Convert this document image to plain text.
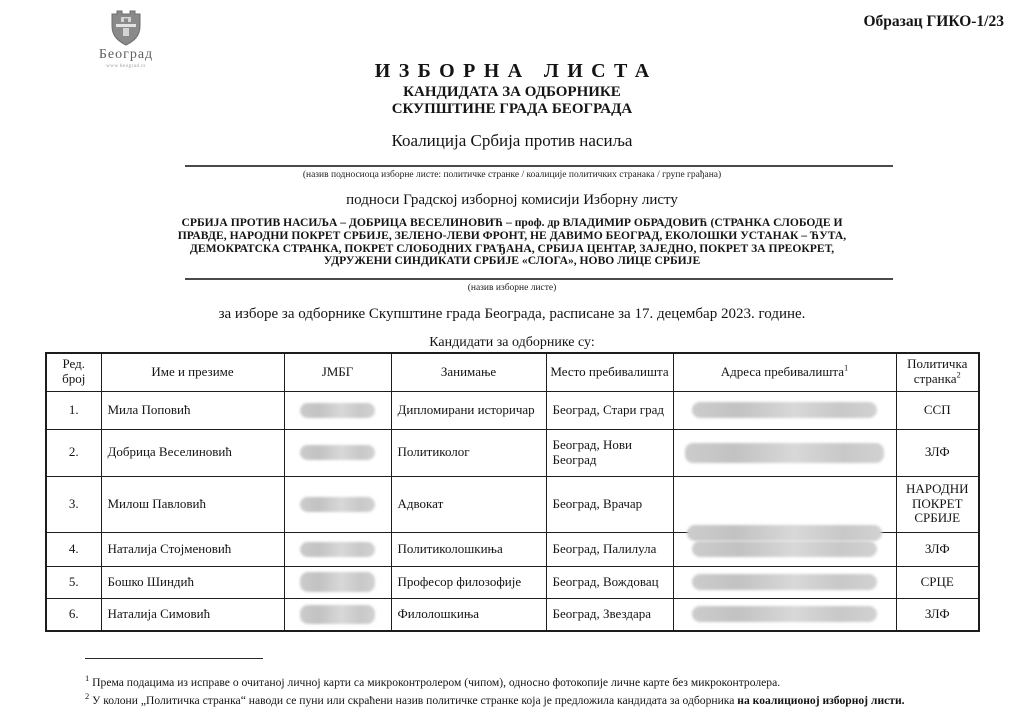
Београд
www.beograd.rs
Образац ГИКО-1/23
ИЗБОРНА ЛИСТА
КАНДИДАТА ЗА ОДБОРНИКЕ
СКУПШТИНЕ ГРАДА БЕОГРАДА
Коалиција Србија против насиља
(назив подносиоца изборне листе: политичке странке / коалиције политичких странака / групе грађана)
подноси Градској изборној комисији Изборну листу
СРБИЈА ПРОТИВ НАСИЉА – ДОБРИЦА ВЕСЕЛИНОВИЋ – проф. др ВЛАДИМИР ОБРАДОВИЋ (СТРАНКА СЛОБОДЕ И ПРАВДЕ, НАРОДНИ ПОКРЕТ СРБИЈЕ, ЗЕЛЕНО-ЛЕВИ ФРОНТ, НЕ ДАВИМО БЕОГРАД, ЕКОЛОШКИ УСТАНАК – ЋУТА, ДЕМОКРАТСКА СТРАНКА, ПОКРЕТ СЛОБОДНИХ ГРАЂАНА, СРБИЈА ЦЕНТАР, ЗАЈЕДНО, ПОКРЕТ ЗА ПРЕОКРЕТ, УДРУЖЕНИ СИНДИКАТИ СРБИЈЕ «СЛОГА», НОВО ЛИЦЕ СРБИЈЕ
(назив изборне листе)
за изборе за одборнике Скупштине града Београда, расписане за 17. децембар 2023. године.
Кандидати за одборнике су:
Ред. број	Име и презиме	ЈМБГ	Занимање	Место пребивалишта	Адреса пребивалишта$^1$	Политичка странка$^2$
1.	Мила Поповић		Дипломирани историчар	Београд, Стари град		ССП
2.	Добрица Веселиновић		Политиколог	Београд, Нови Београд		ЗЛФ
3.	Милош Павловић		Адвокат	Београд, Врачар		НАРОДНИ ПОКРЕТ СРБИЈЕ
4.	Наталија Стојменовић		Политиколошкиња	Београд, Палилула		ЗЛФ
5.	Бошко Шиндић		Професор филозофије	Београд, Вождовац		СРЦЕ
6.	Наталија Симовић		Филолошкиња	Београд, Звездара		ЗЛФ

$^1$ Према подацима из исправе о очитаној личној карти са микроконтролером (чипом), односно фотокопије личне карте без микроконтролера.

$^2$ У колони „Политичка странка“ наводи се пуни или скраћени назив политичке странке која је предложила кандидата за одборника на коалиционој изборној листи.
